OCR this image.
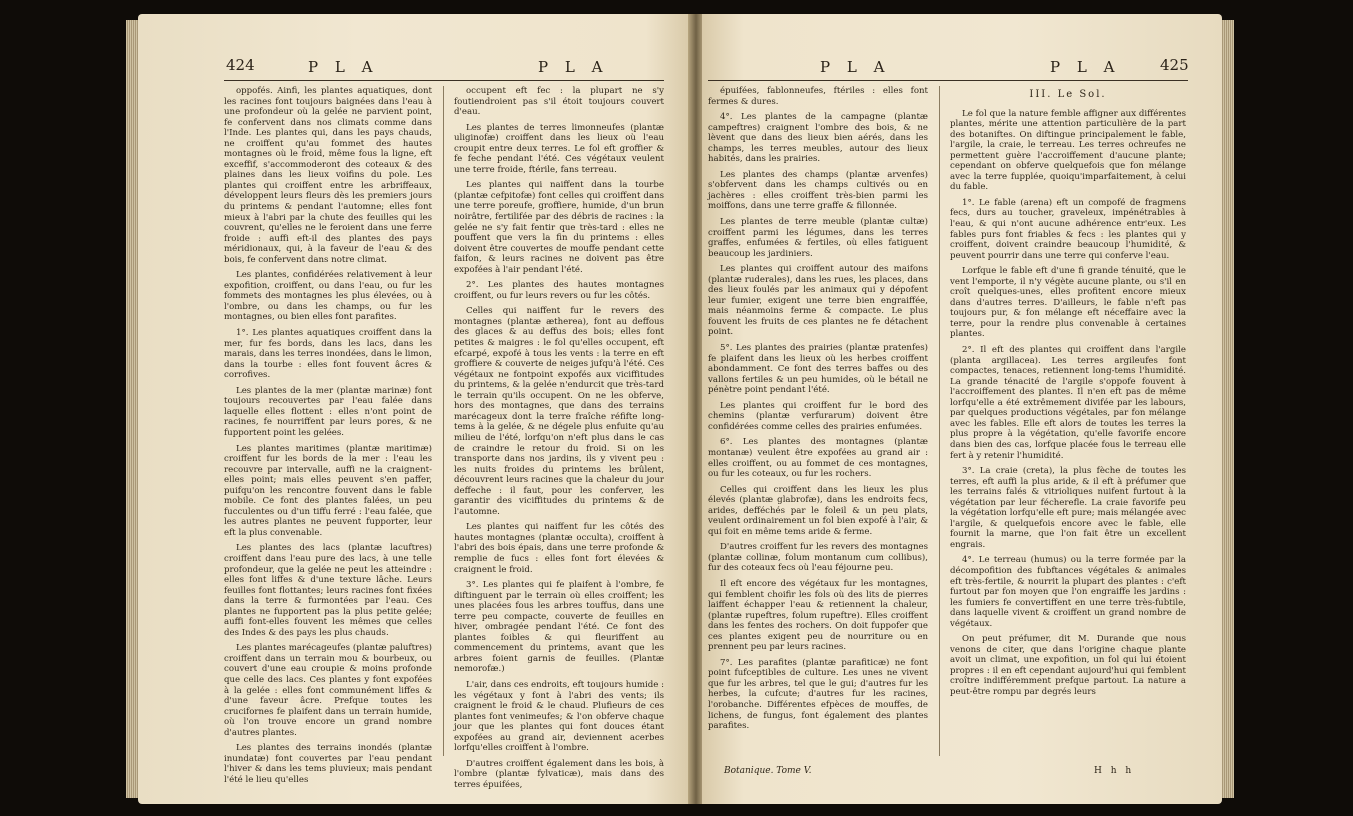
424	P L A	P L A

oppofés. Ainfi, les plantes aquatiques, dont les racines font toujours baignées dans l'eau à une profondeur où la gelée ne parvient point, fe confervent dans nos climats comme dans l'Inde. Les plantes qui, dans les pays chauds, ne croiffent qu'au fommet des hautes montagnes où le froid, même fous la ligne, eft exceffif, s'accommoderont des coteaux & des plaines dans les lieux voifins du pole. Les plantes qui croiffent entre les arbriffeaux, développent leurs fleurs dès les premiers jours du printems & pendant l'automne; elles font mieux à l'abri par la chute des feuilles qui les couvrent, qu'elles ne le feroient dans une ferre froide : auffi eft-il des plantes des pays méridionaux, qui, à la faveur de l'eau & des bois, fe confervent dans notre climat.

Les plantes, confidérées relativement à leur expofition, croiffent, ou dans l'eau, ou fur les fommets des montagnes les plus élevées, ou à l'ombre, ou dans les champs, ou fur les montagnes, ou bien elles font parafites.

1°. Les plantes aquatiques croiffent dans la mer, fur fes bords, dans les lacs, dans les marais, dans les terres inondées, dans le limon, dans la tourbe : elles font fouvent âcres & corrofives.

Les plantes de la mer (plantæ marinæ) font toujours recouvertes par l'eau falée dans laquelle elles flottent : elles n'ont point de racines, fe nourriffent par leurs pores, & ne fupportent point les gelées.

Les plantes maritimes (plantæ maritimæ) croiffent fur les bords de la mer : l'eau les recouvre par intervalle, auffi ne la craignent-elles point; mais elles peuvent s'en paffer, puifqu'on les rencontre fouvent dans le fable mobile. Ce font des plantes falées, un peu fucculentes ou d'un tiffu ferré : l'eau falée, que les autres plantes ne peuvent fupporter, leur eft la plus convenable.

Les plantes des lacs (plantæ lacuftres) croiffent dans l'eau pure des lacs, à une telle profondeur, que la gelée ne peut les atteindre : elles font liffes & d'une texture lâche. Leurs feuilles font flottantes; leurs racines font fixées dans la terre & furmontées par l'eau. Ces plantes ne fupportent pas la plus petite gelée; auffi font-elles fouvent les mêmes que celles des Indes & des pays les plus chauds.

Les plantes marécageufes (plantæ paluftres) croiffent dans un terrain mou & bourbeux, ou couvert d'une eau croupie & moins profonde que celle des lacs. Ces plantes y font expofées à la gelée : elles font communément liffes & d'une faveur âcre. Prefque toutes les crucifornes fe plaifent dans un terrain humide, où l'on trouve encore un grand nombre d'autres plantes.

Les plantes des terrains inondés (plantæ inundatæ) font couvertes par l'eau pendant l'hiver & dans les tems pluvieux; mais pendant l'été le lieu qu'elles

occupent eft fec : la plupart ne s'y foutiendroient pas s'il étoit toujours couvert d'eau.

Les plantes de terres limonneufes (plantæ uliginofæ) croiffent dans les lieux où l'eau croupit entre deux terres. Le fol eft groffier & fe feche pendant l'été. Ces végétaux veulent une terre froide, ftérile, fans terreau.

Les plantes qui naiffent dans la tourbe (plantæ cefpitofæ) font celles qui croiffent dans une terre poreufe, groffiere, humide, d'un brun noirâtre, fertilifée par des débris de racines : la gelée ne s'y fait fentir que très-tard : elles ne pouffent que vers la fin du printems : elles doivent être couvertes de mouffe pendant cette faifon, & leurs racines ne doivent pas être expofées à l'air pendant l'été.

2°. Les plantes des hautes montagnes croiffent, ou fur leurs revers ou fur les côtés.

Celles qui naiffent fur le revers des montagnes (plantæ ætherea), font au deffous des glaces & au deffus des bois; elles font petites & maigres : le fol qu'elles occupent, eft efcarpé, expofé à tous les vents : la terre en eft groffiere & couverte de neiges jufqu'à l'été. Ces végétaux ne fontpoint expofés aux viciffitudes du printems, & la gelée n'endurcit que très-tard le terrain qu'ils occupent. On ne les obferve, hors des montagnes, que dans des terrains marécageux dont la terre fraîche réfifte long-tems à la gelée, & ne dégele plus enfuite qu'au milieu de l'été, lorfqu'on n'eft plus dans le cas de craindre le retour du froid. Si on les transporte dans nos jardins, ils y vivent peu : les nuits froides du printems les brûlent, découvrent leurs racines que la chaleur du jour deffeche : il faut, pour les conferver, les garantir des viciffitudes du printems & de l'automne.

Les plantes qui naiffent fur les côtés des hautes montagnes (plantæ occulta), croiffent à l'abri des bois épais, dans une terre profonde & remplie de fucs : elles font fort élevées & craignent le froid.

3°. Les plantes qui fe plaifent à l'ombre, fe diftinguent par le terrain où elles croiffent; les unes placées fous les arbres touffus, dans une terre peu compacte, couverte de feuilles en hiver, ombragée pendant l'été. Ce font des plantes foibles & qui fleuriffent au commencement du printems, avant que les arbres foient garnis de feuilles. (Plantæ nemorofæ.)

L'air, dans ces endroits, eft toujours humide : les végétaux y font à l'abri des vents; ils craignent le froid & le chaud. Plufieurs de ces plantes font venimeufes; & l'on obferve chaque jour que les plantes qui font douces étant expofées au grand air, deviennent acerbes lorfqu'elles croiffent à l'ombre.

D'autres croiffent également dans les bois, à l'ombre (plantæ fylvaticæ), mais dans des terres épuifées,

P L A	P L A	425

épuifées, fablonneufes, ftériles : elles font fermes & dures.

4°. Les plantes de la campagne (plantæ campeftres) craignent l'ombre des bois, & ne lèvent que dans des lieux bien aérés, dans les champs, les terres meubles, autour des lieux habités, dans les prairies.

Les plantes des champs (plantæ arvenfes) s'obfervent dans les champs cultivés ou en jachères : elles croiffent très-bien parmi les moiffons, dans une terre graffe & fillonnée.

Les plantes de terre meuble (plantæ cultæ) croiffent parmi les légumes, dans les terres graffes, enfumées & fertiles, où elles fatiguent beaucoup les jardiniers.

Les plantes qui croiffent autour des maifons (plantæ ruderales), dans les rues, les places, dans des lieux foulés par les animaux qui y dépofent leur fumier, exigent une terre bien engraiffée, mais néanmoins ferme & compacte. Le plus fouvent les fruits de ces plantes ne fe détachent point.

5°. Les plantes des prairies (plantæ pratenfes) fe plaifent dans les lieux où les herbes croiffent abondamment. Ce font des terres baffes ou des vallons fertiles & un peu humides, où le bétail ne pénètre point pendant l'été.

Les plantes qui croiffent fur le bord des chemins (plantæ verfurarum) doivent être confidérées comme celles des prairies enfumées.

6°. Les plantes des montagnes (plantæ montanæ) veulent être expofées au grand air : elles croiffent, ou au fommet de ces montagnes, ou fur les coteaux, ou fur les rochers.

Celles qui croiffent dans les lieux les plus élevés (plantæ glabrofæ), dans les endroits fecs, arides, defféchés par le foleil & un peu plats, veulent ordinairement un fol bien expofé à l'air, & qui foit en même tems aride & ferme.

D'autres croiffent fur les revers des montagnes (plantæ collinæ, folum montanum cum collibus), fur des coteaux fecs où l'eau féjourne peu.

Il eft encore des végétaux fur les montagnes, qui femblent choifir les fols où des lits de pierres laiffent échapper l'eau & retiennent la chaleur, (plantæ rupeftres, folum rupeftre). Elles croiffent dans les fentes des rochers. On doit fuppofer que ces plantes exigent peu de nourriture ou en prennent peu par leurs racines.

7°. Les parafites (plantæ parafiticæ) ne font point fufceptibles de culture. Les unes ne vivent que fur les arbres, tel que le gui; d'autres fur les herbes, la cufcute; d'autres fur les racines, l'orobanche. Différentes efpèces de mouffes, de lichens, de fungus, font également des plantes parafites.

Botanique. Tome V.

III. Le Sol.

Le fol que la nature femble affigner aux différentes plantes, mérite une attention particulière de la part des botaniftes. On diftingue principalement le fable, l'argile, la craie, le terreau. Les terres ochreufes ne permettent guère l'accroiffement d'aucune plante; cependant on obferve quelquefois que fon mélange avec la terre fupplée, quoiqu'imparfaitement, à celui du fable.

1°. Le fable (arena) eft un compofé de fragmens fecs, durs au toucher, graveleux, impénétrables à l'eau, & qui n'ont aucune adhérence entr'eux. Les fables purs font friables & fecs : les plantes qui y croiffent, doivent craindre beaucoup l'humidité, & peuvent pourrir dans une terre qui conferve l'eau.

Lorfque le fable eft d'une fi grande ténuité, que le vent l'emporte, il n'y végète aucune plante, ou s'il en croît quelques-unes, elles profitent encore mieux dans d'autres terres. D'ailleurs, le fable n'eft pas toujours pur, & fon mélange eft néceffaire avec la terre, pour la rendre plus convenable à certaines plantes.

2°. Il eft des plantes qui croiffent dans l'argile (planta argillacea). Les terres argileufes font compactes, tenaces, retiennent long-tems l'humidité. La grande ténacité de l'argile s'oppofe fouvent à l'accroiffement des plantes. Il n'en eft pas de même lorfqu'elle a été extrêmement divifée par les labours, par quelques productions végétales, par fon mélange avec les fables. Elle eft alors de toutes les terres la plus propre à la végétation, qu'elle favorife encore dans bien des cas, lorfque placée fous le terreau elle fert à y retenir l'humidité.

3°. La craie (creta), la plus fèche de toutes les terres, eft auffi la plus aride, & il eft à préfumer que les terrains falés & vitrioliques nuifent furtout à la végétation par leur fécherefle. La craie favorife peu la végétation lorfqu'elle eft pure; mais mélangée avec l'argile, & quelquefois encore avec le fable, elle fournit la marne, que l'on fait être un excellent engrais.

4°. Le terreau (humus) ou la terre formée par la décompofition des fubftances végétales & animales eft très-fertile, & nourrit la plupart des plantes : c'eft furtout par fon moyen que l'on engraiffe les jardins : les fumiers fe convertiffent en une terre très-fubtile, dans laquelle vivent & croiffent un grand nombre de végétaux.

On peut préfumer, dit M. Durande que nous venons de citer, que dans l'origine chaque plante avoit un climat, une expofition, un fol qui lui étoient propres : il en eft cependant aujourd'hui qui femblent croître indifféremment prefque partout. La nature a peut-être rompu par degrés leurs

H h h
